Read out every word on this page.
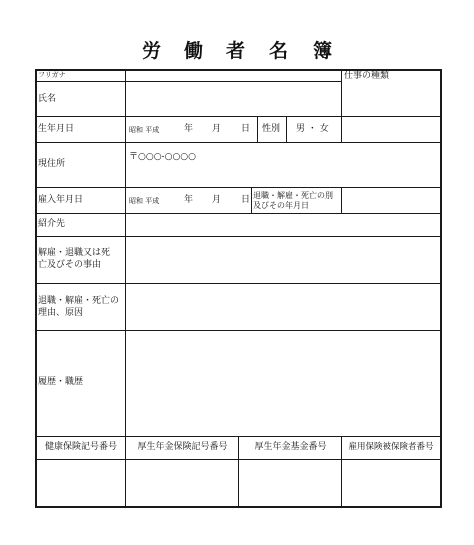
労 働 者 名 簿
フリガナ	仕事の種類
氏名
生年月日	昭和 平成	年 月 日 性別 男 ・ 女
現住所
〒○○○-○○○○
雇入年月日	昭和 平成	年 月 日 退職・解雇・死亡の別
及びその年月日
紹介先
解雇・退職又は死
亡及びその事由
退職・解雇・死亡の
理由、原因
履歴・職歴
健康保険記号番号	厚生年金保険記号番号	厚生年金基金番号	雇用保険被保険者番号
